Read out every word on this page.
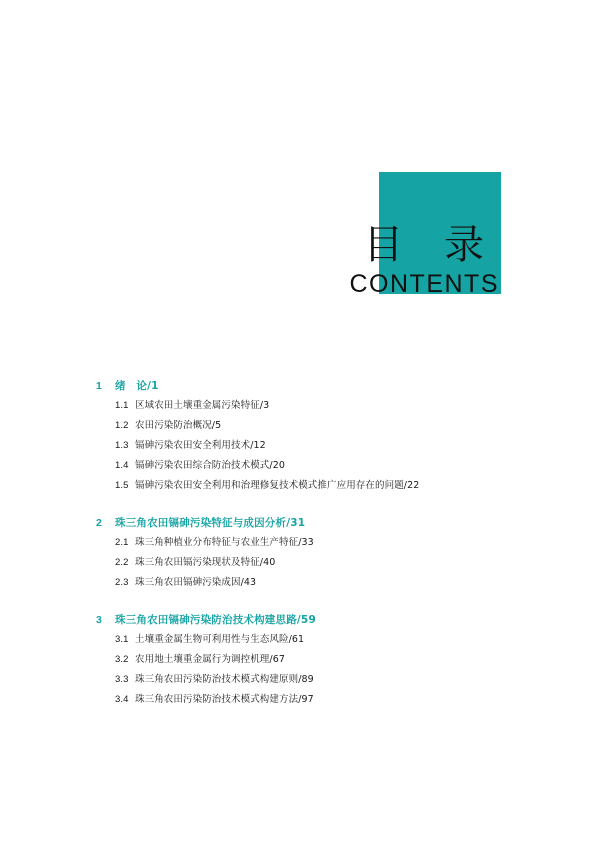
目 录
CONTENTS
1	绪　论/1
1.1 区域农田土壤重金属污染特征/3
1.2 农田污染防治概况/5
1.3 镉砷污染农田安全利用技术/12
1.4 镉砷污染农田综合防治技术模式/20
1.5 镉砷污染农田安全利用和治理修复技术模式推广应用存在的问题/22
2	珠三角农田镉砷污染特征与成因分析/31
2.1 珠三角种植业分布特征与农业生产特征/33
2.2 珠三角农田镉污染现状及特征/40
2.3 珠三角农田镉砷污染成因/43
3	珠三角农田镉砷污染防治技术构建思路/59
3.1 土壤重金属生物可利用性与生态风险/61
3.2 农用地土壤重金属行为调控机理/67
3.3 珠三角农田污染防治技术模式构建原则/89
3.4 珠三角农田污染防治技术模式构建方法/97
